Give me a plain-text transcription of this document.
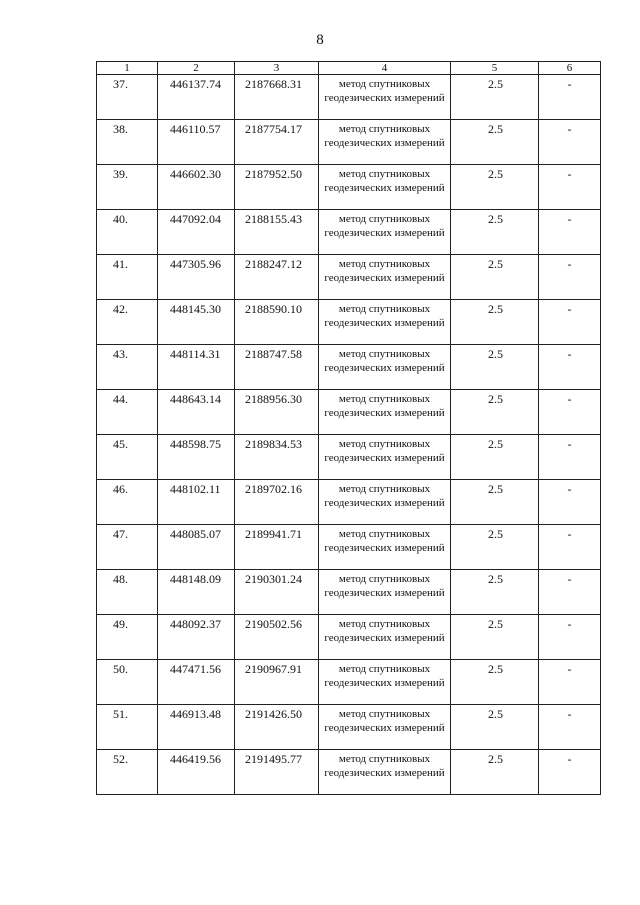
8
1	2	3	4	5	6
37.	446137.74	2187668.31	метод спутниковых геодезических измерений	2.5	-
38.	446110.57	2187754.17	метод спутниковых геодезических измерений	2.5	-
39.	446602.30	2187952.50	метод спутниковых геодезических измерений	2.5	-
40.	447092.04	2188155.43	метод спутниковых геодезических измерений	2.5	-
41.	447305.96	2188247.12	метод спутниковых геодезических измерений	2.5	-
42.	448145.30	2188590.10	метод спутниковых геодезических измерений	2.5	-
43.	448114.31	2188747.58	метод спутниковых геодезических измерений	2.5	-
44.	448643.14	2188956.30	метод спутниковых геодезических измерений	2.5	-
45.	448598.75	2189834.53	метод спутниковых геодезических измерений	2.5	-
46.	448102.11	2189702.16	метод спутниковых геодезических измерений	2.5	-
47.	448085.07	2189941.71	метод спутниковых геодезических измерений	2.5	-
48.	448148.09	2190301.24	метод спутниковых геодезических измерений	2.5	-
49.	448092.37	2190502.56	метод спутниковых геодезических измерений	2.5	-
50.	447471.56	2190967.91	метод спутниковых геодезических измерений	2.5	-
51.	446913.48	2191426.50	метод спутниковых геодезических измерений	2.5	-
52.	446419.56	2191495.77	метод спутниковых геодезических измерений	2.5	-
